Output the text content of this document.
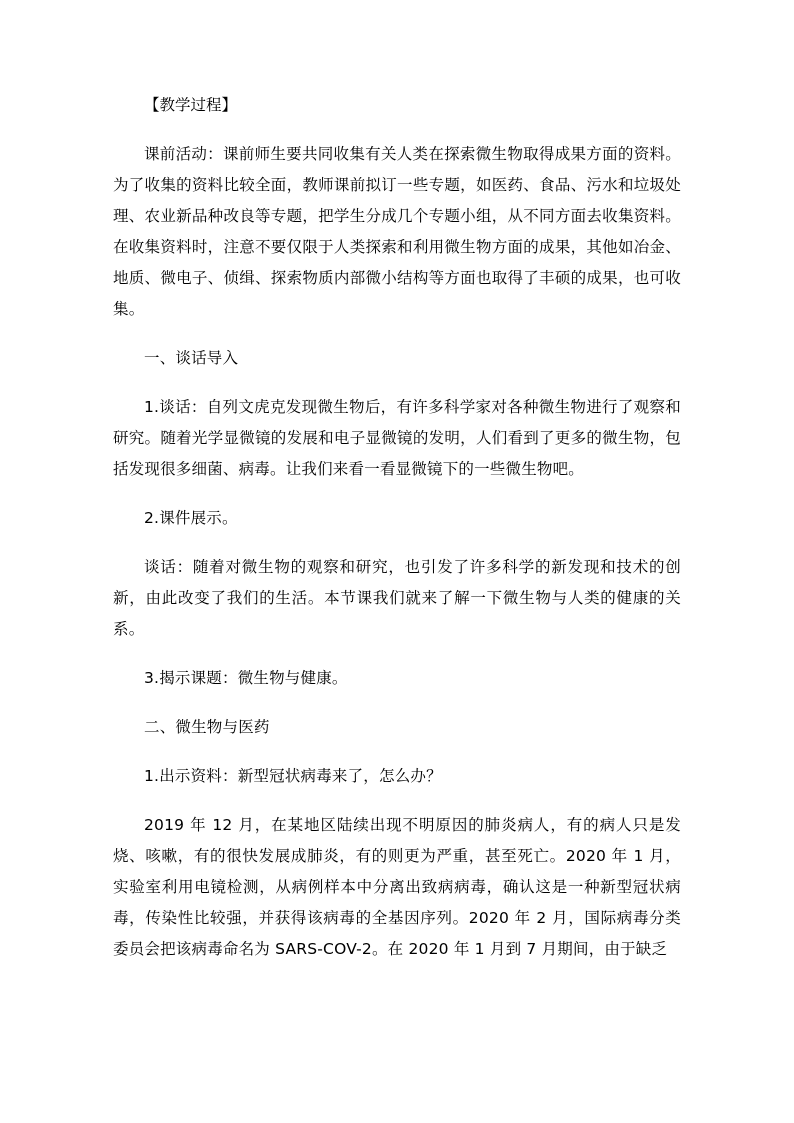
【教学过程】

课前活动：课前师生要共同收集有关人类在探索微生物取得成果方面的资料。为了收集的资料比较全面，教师课前拟订一些专题，如医药、食品、污水和垃圾处理、农业新品种改良等专题，把学生分成几个专题小组，从不同方面去收集资料。在收集资料时，注意不要仅限于人类探索和利用微生物方面的成果，其他如冶金、地质、微电子、侦缉、探索物质内部微小结构等方面也取得了丰硕的成果，也可收集。

一、谈话导入

1.谈话：自列文虎克发现微生物后，有许多科学家对各种微生物进行了观察和研究。随着光学显微镜的发展和电子显微镜的发明，人们看到了更多的微生物，包括发现很多细菌、病毒。让我们来看一看显微镜下的一些微生物吧。

2.课件展示。

谈话：随着对微生物的观察和研究，也引发了许多科学的新发现和技术的创新，由此改变了我们的生活。本节课我们就来了解一下微生物与人类的健康的关系。

3.揭示课题：微生物与健康。

二、微生物与医药

1.出示资料：新型冠状病毒来了，怎么办？

2019 年 12 月，在某地区陆续出现不明原因的肺炎病人，有的病人只是发烧、咳嗽，有的很快发展成肺炎，有的则更为严重，甚至死亡。2020 年 1 月，实验室利用电镜检测，从病例样本中分离出致病病毒，确认这是一种新型冠状病毒，传染性比较强，并获得该病毒的全基因序列。2020 年 2 月，国际病毒分类委员会把该病毒命名为 SARS-COV-2。在 2020 年 1 月到 7 月期间，由于缺乏
